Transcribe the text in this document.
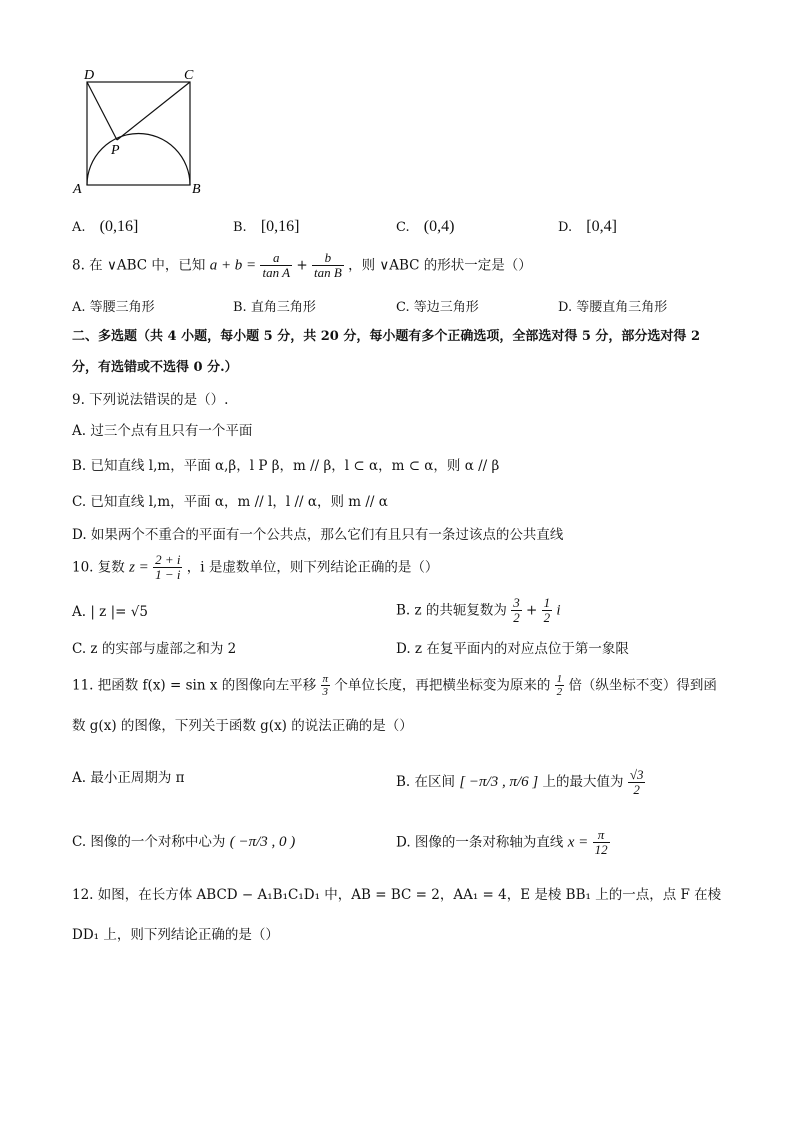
D	C
P
A	B
A. (0,16]	B. [0,16]	C. (0,4)	D. [0,4]
8. 在 ∨ABC 中，已知 $a + b = \frac{a}{\text{tan A}} + \frac{b}{\text{tan B}}$ ，则 ∨ABC 的形状一定是（）
A. 等腰三角形	B. 直角三角形	C. 等边三角形	D. 等腰直角三角形
二、多选题（共 4 小题，每小题 5 分，共 20 分，每小题有多个正确选项，全部选对得 5 分，部分选对得 2
分，有选错或不选得 0 分.）
9. 下列说法错误的是（）.
A. 过三个点有且只有一个平面
B. 已知直线 l,m，平面 α,β，l P β，m // β，l ⊂ α，m ⊂ α，则 α // β
C. 已知直线 l,m，平面 α，m // l，l // α，则 m // α
D. 如果两个不重合的平面有一个公共点，那么它们有且只有一条过该点的公共直线
10. 复数 $z = \frac{2 + i}{1 - i}$ ，i 是虚数单位，则下列结论正确的是（）
A. | z |= √5	B. z 的共轭复数为 $\frac{3}{2} + \frac{1}{2}$ i
C. z 的实部与虚部之和为 2	D. z 在复平面内的对应点位于第一象限
11. 把函数 f(x) = sin x 的图像向左平移 $\frac{\pi}{3}$ 个单位长度，再把横坐标变为原来的 $\frac{1}{2}$ 倍（纵坐标不变）得到函
数 g(x) 的图像，下列关于函数 g(x) 的说法正确的是（）
A. 最小正周期为 π	B. 在区间 [ −π/3 , π/6 ] 上的最大值为 $\frac{√3}{2}$
C. 图像的一个对称中心为 ( −π/3 , 0 )	D. 图像的一条对称轴为直线 $x = \frac{\pi}{12}$
12. 如图，在长方体 ABCD − A₁B₁C₁D₁ 中，AB = BC = 2，AA₁ = 4，E 是棱 BB₁ 上的一点，点 F 在棱
DD₁ 上，则下列结论正确的是（）
